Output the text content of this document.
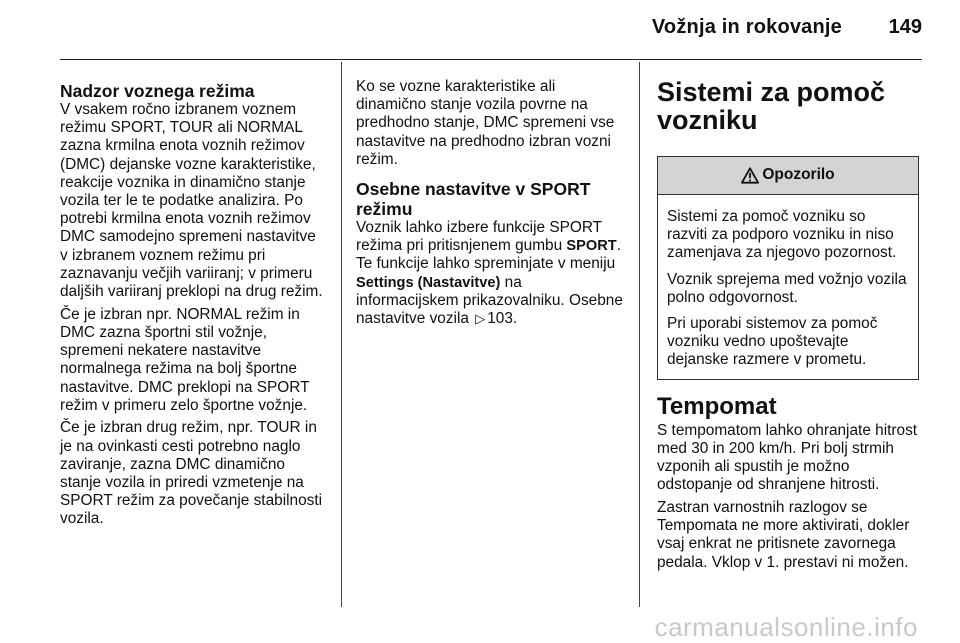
Vožnja in rokovanje 149
Nadzor voznega režima

V vsakem ročno izbranem voznem režimu SPORT, TOUR ali NORMAL zazna krmilna enota voznih režimov (DMC) dejanske vozne karakteristike, reakcije voznika in dinamično stanje vozila ter le te podatke analizira. Po potrebi krmilna enota voznih režimov DMC samodejno spremeni nastavitve v izbranem voznem režimu pri zaznavanju večjih variiranj; v primeru daljših variiranj preklopi na drug režim.

Če je izbran npr. NORMAL režim in DMC zazna športni stil vožnje, spremeni nekatere nastavitve normalnega režima na bolj športne nastavitve. DMC preklopi na SPORT režim v primeru zelo športne vožnje.

Če je izbran drug režim, npr. TOUR in je na ovinkasti cesti potrebno naglo zaviranje, zazna DMC dinamično stanje vozila in priredi vzmetenje na SPORT režim za povečanje stabilnosti vozila.

Ko se vozne karakteristike ali dinamično stanje vozila povrne na predhodno stanje, DMC spremeni vse nastavitve na predhodno izbran vozni režim.

Osebne nastavitve v SPORT režimu

Voznik lahko izbere funkcije SPORT režima pri pritisnjenem gumbu SPORT. Te funkcije lahko spreminjate v meniju Settings (Nastavitve) na informacijskem prikazovalniku. Osebne nastavitve vozila ▷ 103.

Sistemi za pomoč vozniku
Opozorilo

Sistemi za pomoč vozniku so razviti za podporo vozniku in niso zamenjava za njegovo pozornost.

Voznik sprejema med vožnjo vozila polno odgovornost.

Pri uporabi sistemov za pomoč vozniku vedno upoštevajte dejanske razmere v prometu.

Tempomat

S tempomatom lahko ohranjate hitrost med 30 in 200 km/h. Pri bolj strmih vzponih ali spustih je možno odstopanje od shranjene hitrosti.

Zastran varnostnih razlogov se Tempomata ne more aktivirati, dokler vsaj enkrat ne pritisnete zavornega pedala. Vklop v 1. prestavi ni možen.

carmanualsonline.info
